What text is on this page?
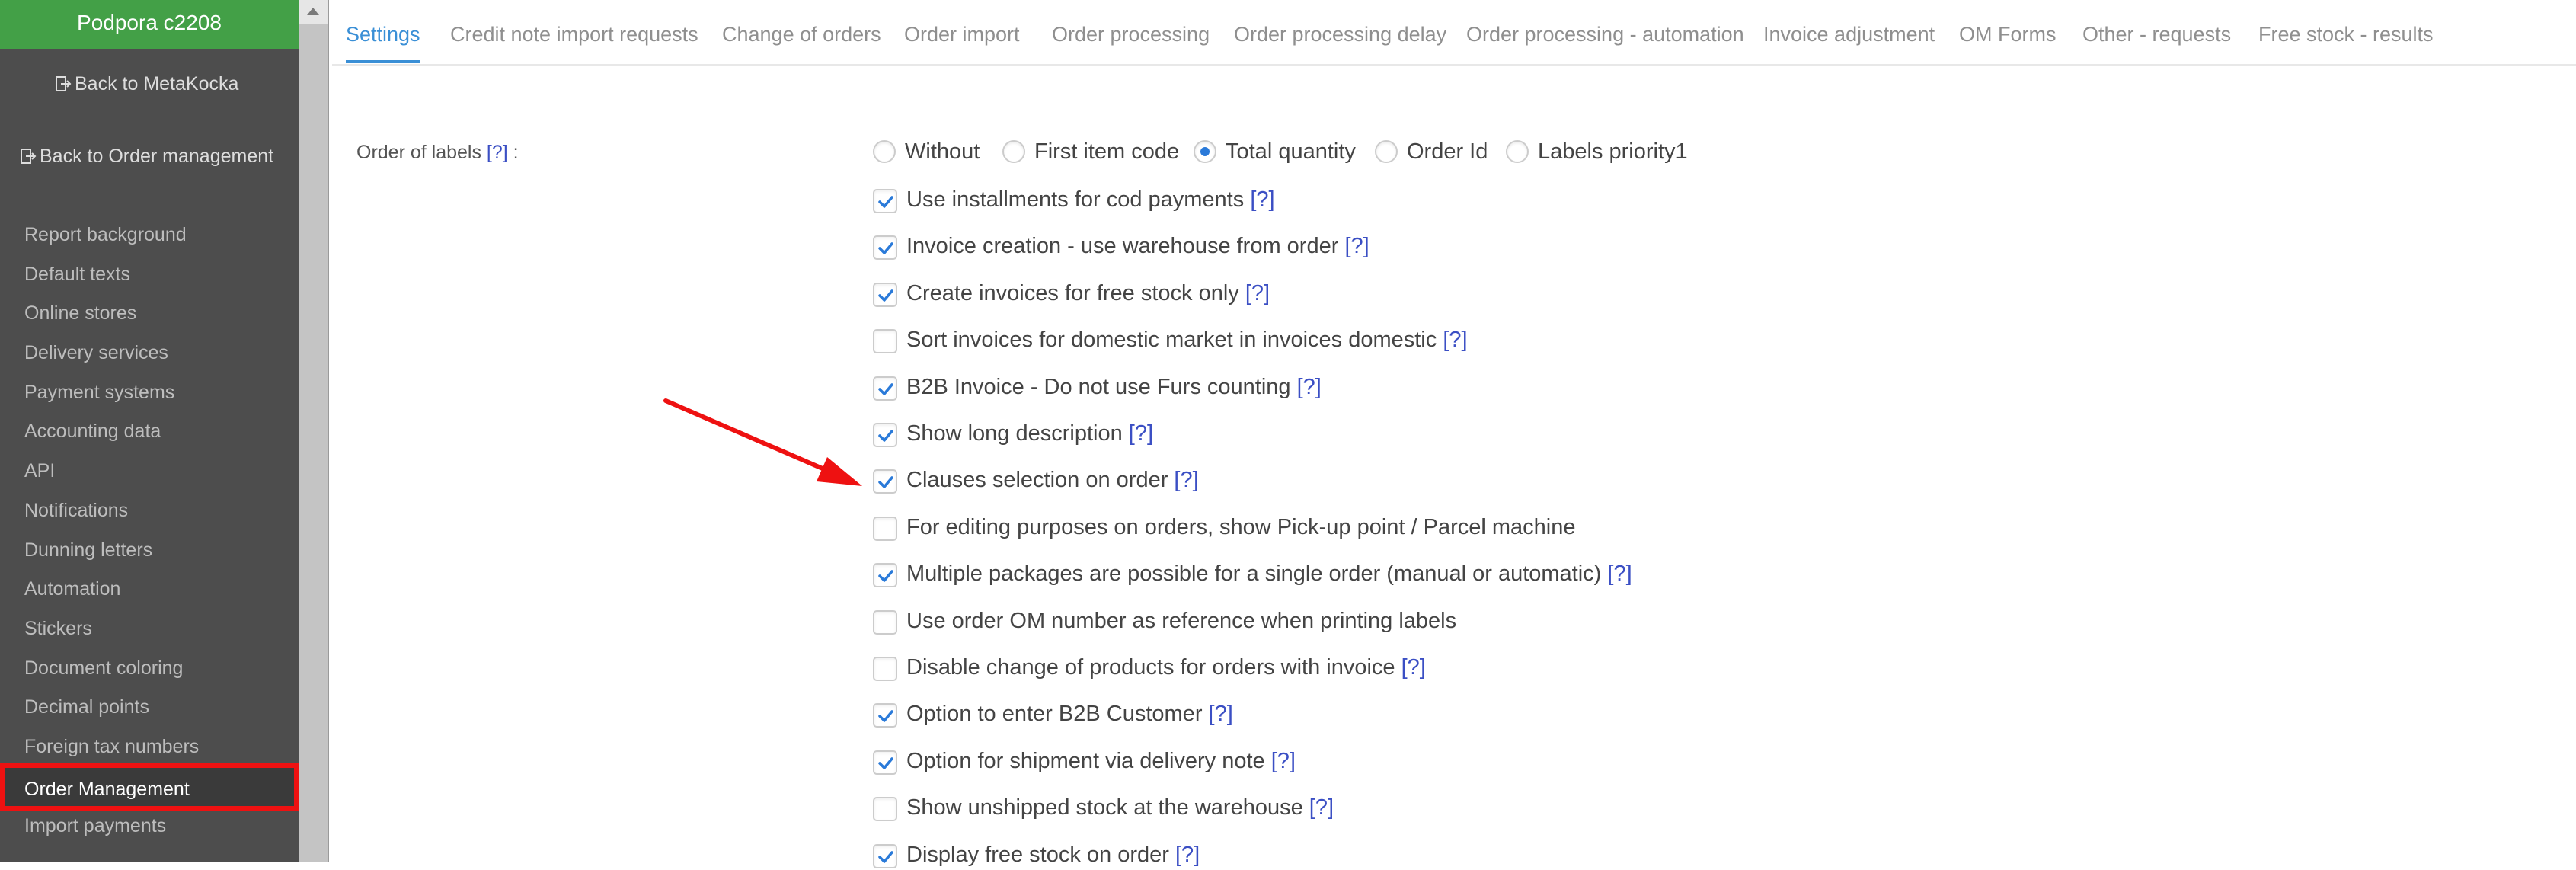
Podpora c2208
Back to MetaKocka
Back to Order management
Report background
Default texts
Online stores
Delivery services
Payment systems
Accounting data
API
Notifications
Dunning letters
Automation
Stickers
Document coloring
Decimal points
Foreign tax numbers
Order Management
Import payments
Settings Credit note import requests Change of orders Order import Order processing Order processing delay Order processing - automation Invoice adjustment OM Forms Other - requests Free stock - results
Order of labels [?] :	Without First item code Total quantity Order Id Labels priority1
Use installments for cod payments [?]
Invoice creation - use warehouse from order [?]
Create invoices for free stock only [?]
Sort invoices for domestic market in invoices domestic [?]
B2B Invoice - Do not use Furs counting [?]
Show long description [?]
Clauses selection on order [?]
For editing purposes on orders, show Pick-up point / Parcel machine
Multiple packages are possible for a single order (manual or automatic) [?]
Use order OM number as reference when printing labels
Disable change of products for orders with invoice [?]
Option to enter B2B Customer [?]
Option for shipment via delivery note [?]
Show unshipped stock at the warehouse [?]
Display free stock on order [?]
